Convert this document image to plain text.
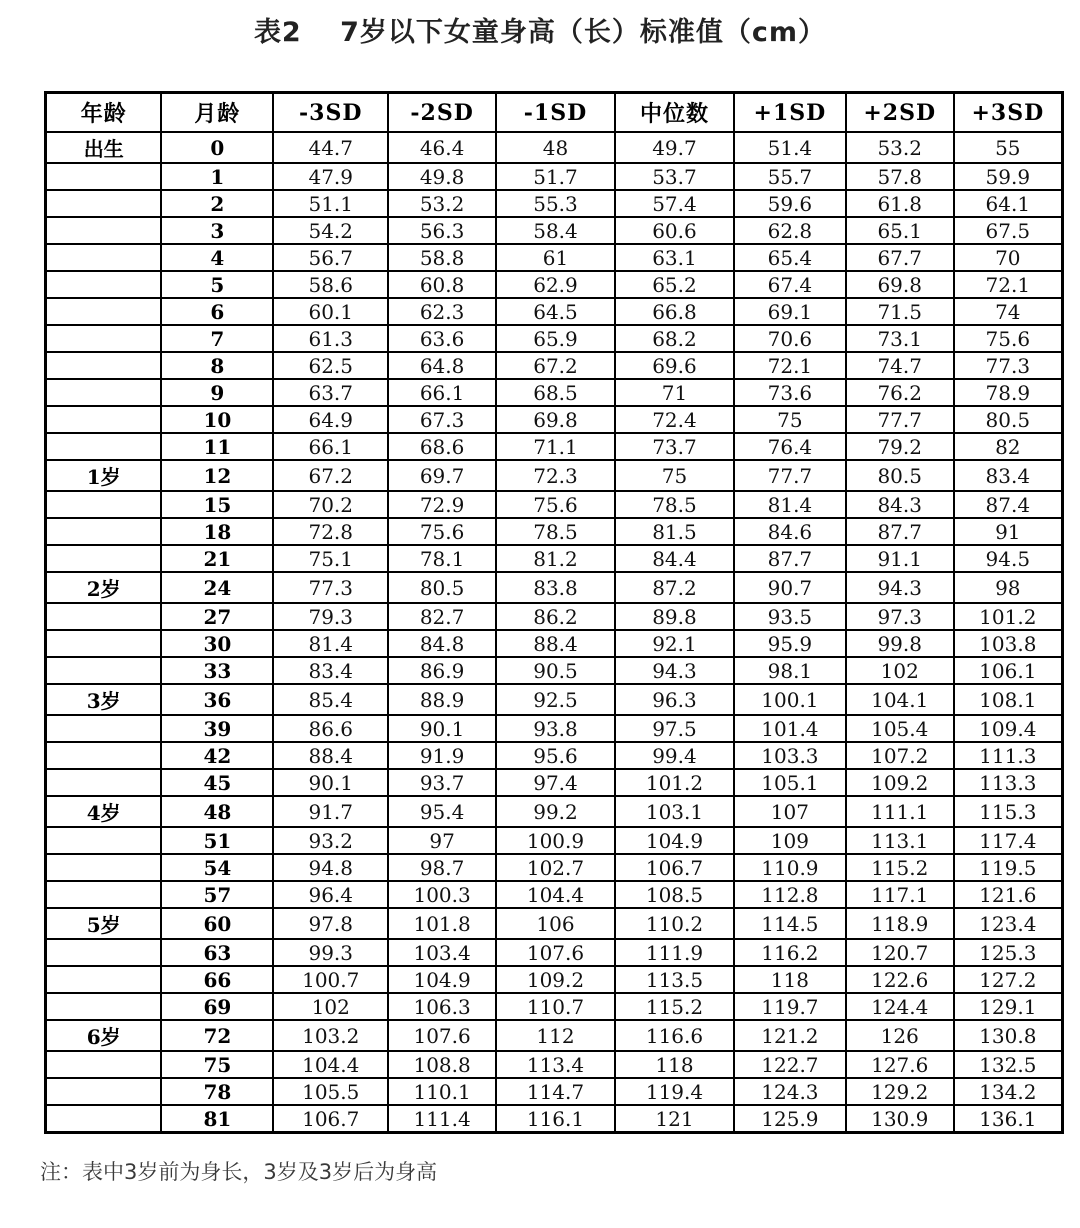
表2　 7岁以下女童身高（长）标准值（cm）
年龄	月龄	-3SD	-2SD	-1SD	中位数	+1SD	+2SD	+3SD
出生	0	44.7	46.4	48	49.7	51.4	53.2	55
	1	47.9	49.8	51.7	53.7	55.7	57.8	59.9
	2	51.1	53.2	55.3	57.4	59.6	61.8	64.1
	3	54.2	56.3	58.4	60.6	62.8	65.1	67.5
	4	56.7	58.8	61	63.1	65.4	67.7	70
	5	58.6	60.8	62.9	65.2	67.4	69.8	72.1
	6	60.1	62.3	64.5	66.8	69.1	71.5	74
	7	61.3	63.6	65.9	68.2	70.6	73.1	75.6
	8	62.5	64.8	67.2	69.6	72.1	74.7	77.3
	9	63.7	66.1	68.5	71	73.6	76.2	78.9
	10	64.9	67.3	69.8	72.4	75	77.7	80.5
	11	66.1	68.6	71.1	73.7	76.4	79.2	82
1岁	12	67.2	69.7	72.3	75	77.7	80.5	83.4
	15	70.2	72.9	75.6	78.5	81.4	84.3	87.4
	18	72.8	75.6	78.5	81.5	84.6	87.7	91
	21	75.1	78.1	81.2	84.4	87.7	91.1	94.5
2岁	24	77.3	80.5	83.8	87.2	90.7	94.3	98
	27	79.3	82.7	86.2	89.8	93.5	97.3	101.2
	30	81.4	84.8	88.4	92.1	95.9	99.8	103.8
	33	83.4	86.9	90.5	94.3	98.1	102	106.1
3岁	36	85.4	88.9	92.5	96.3	100.1	104.1	108.1
	39	86.6	90.1	93.8	97.5	101.4	105.4	109.4
	42	88.4	91.9	95.6	99.4	103.3	107.2	111.3
	45	90.1	93.7	97.4	101.2	105.1	109.2	113.3
4岁	48	91.7	95.4	99.2	103.1	107	111.1	115.3
	51	93.2	97	100.9	104.9	109	113.1	117.4
	54	94.8	98.7	102.7	106.7	110.9	115.2	119.5
	57	96.4	100.3	104.4	108.5	112.8	117.1	121.6
5岁	60	97.8	101.8	106	110.2	114.5	118.9	123.4
	63	99.3	103.4	107.6	111.9	116.2	120.7	125.3
	66	100.7	104.9	109.2	113.5	118	122.6	127.2
	69	102	106.3	110.7	115.2	119.7	124.4	129.1
6岁	72	103.2	107.6	112	116.6	121.2	126	130.8
	75	104.4	108.8	113.4	118	122.7	127.6	132.5
	78	105.5	110.1	114.7	119.4	124.3	129.2	134.2
	81	106.7	111.4	116.1	121	125.9	130.9	136.1

注：表中3岁前为身长，3岁及3岁后为身高
